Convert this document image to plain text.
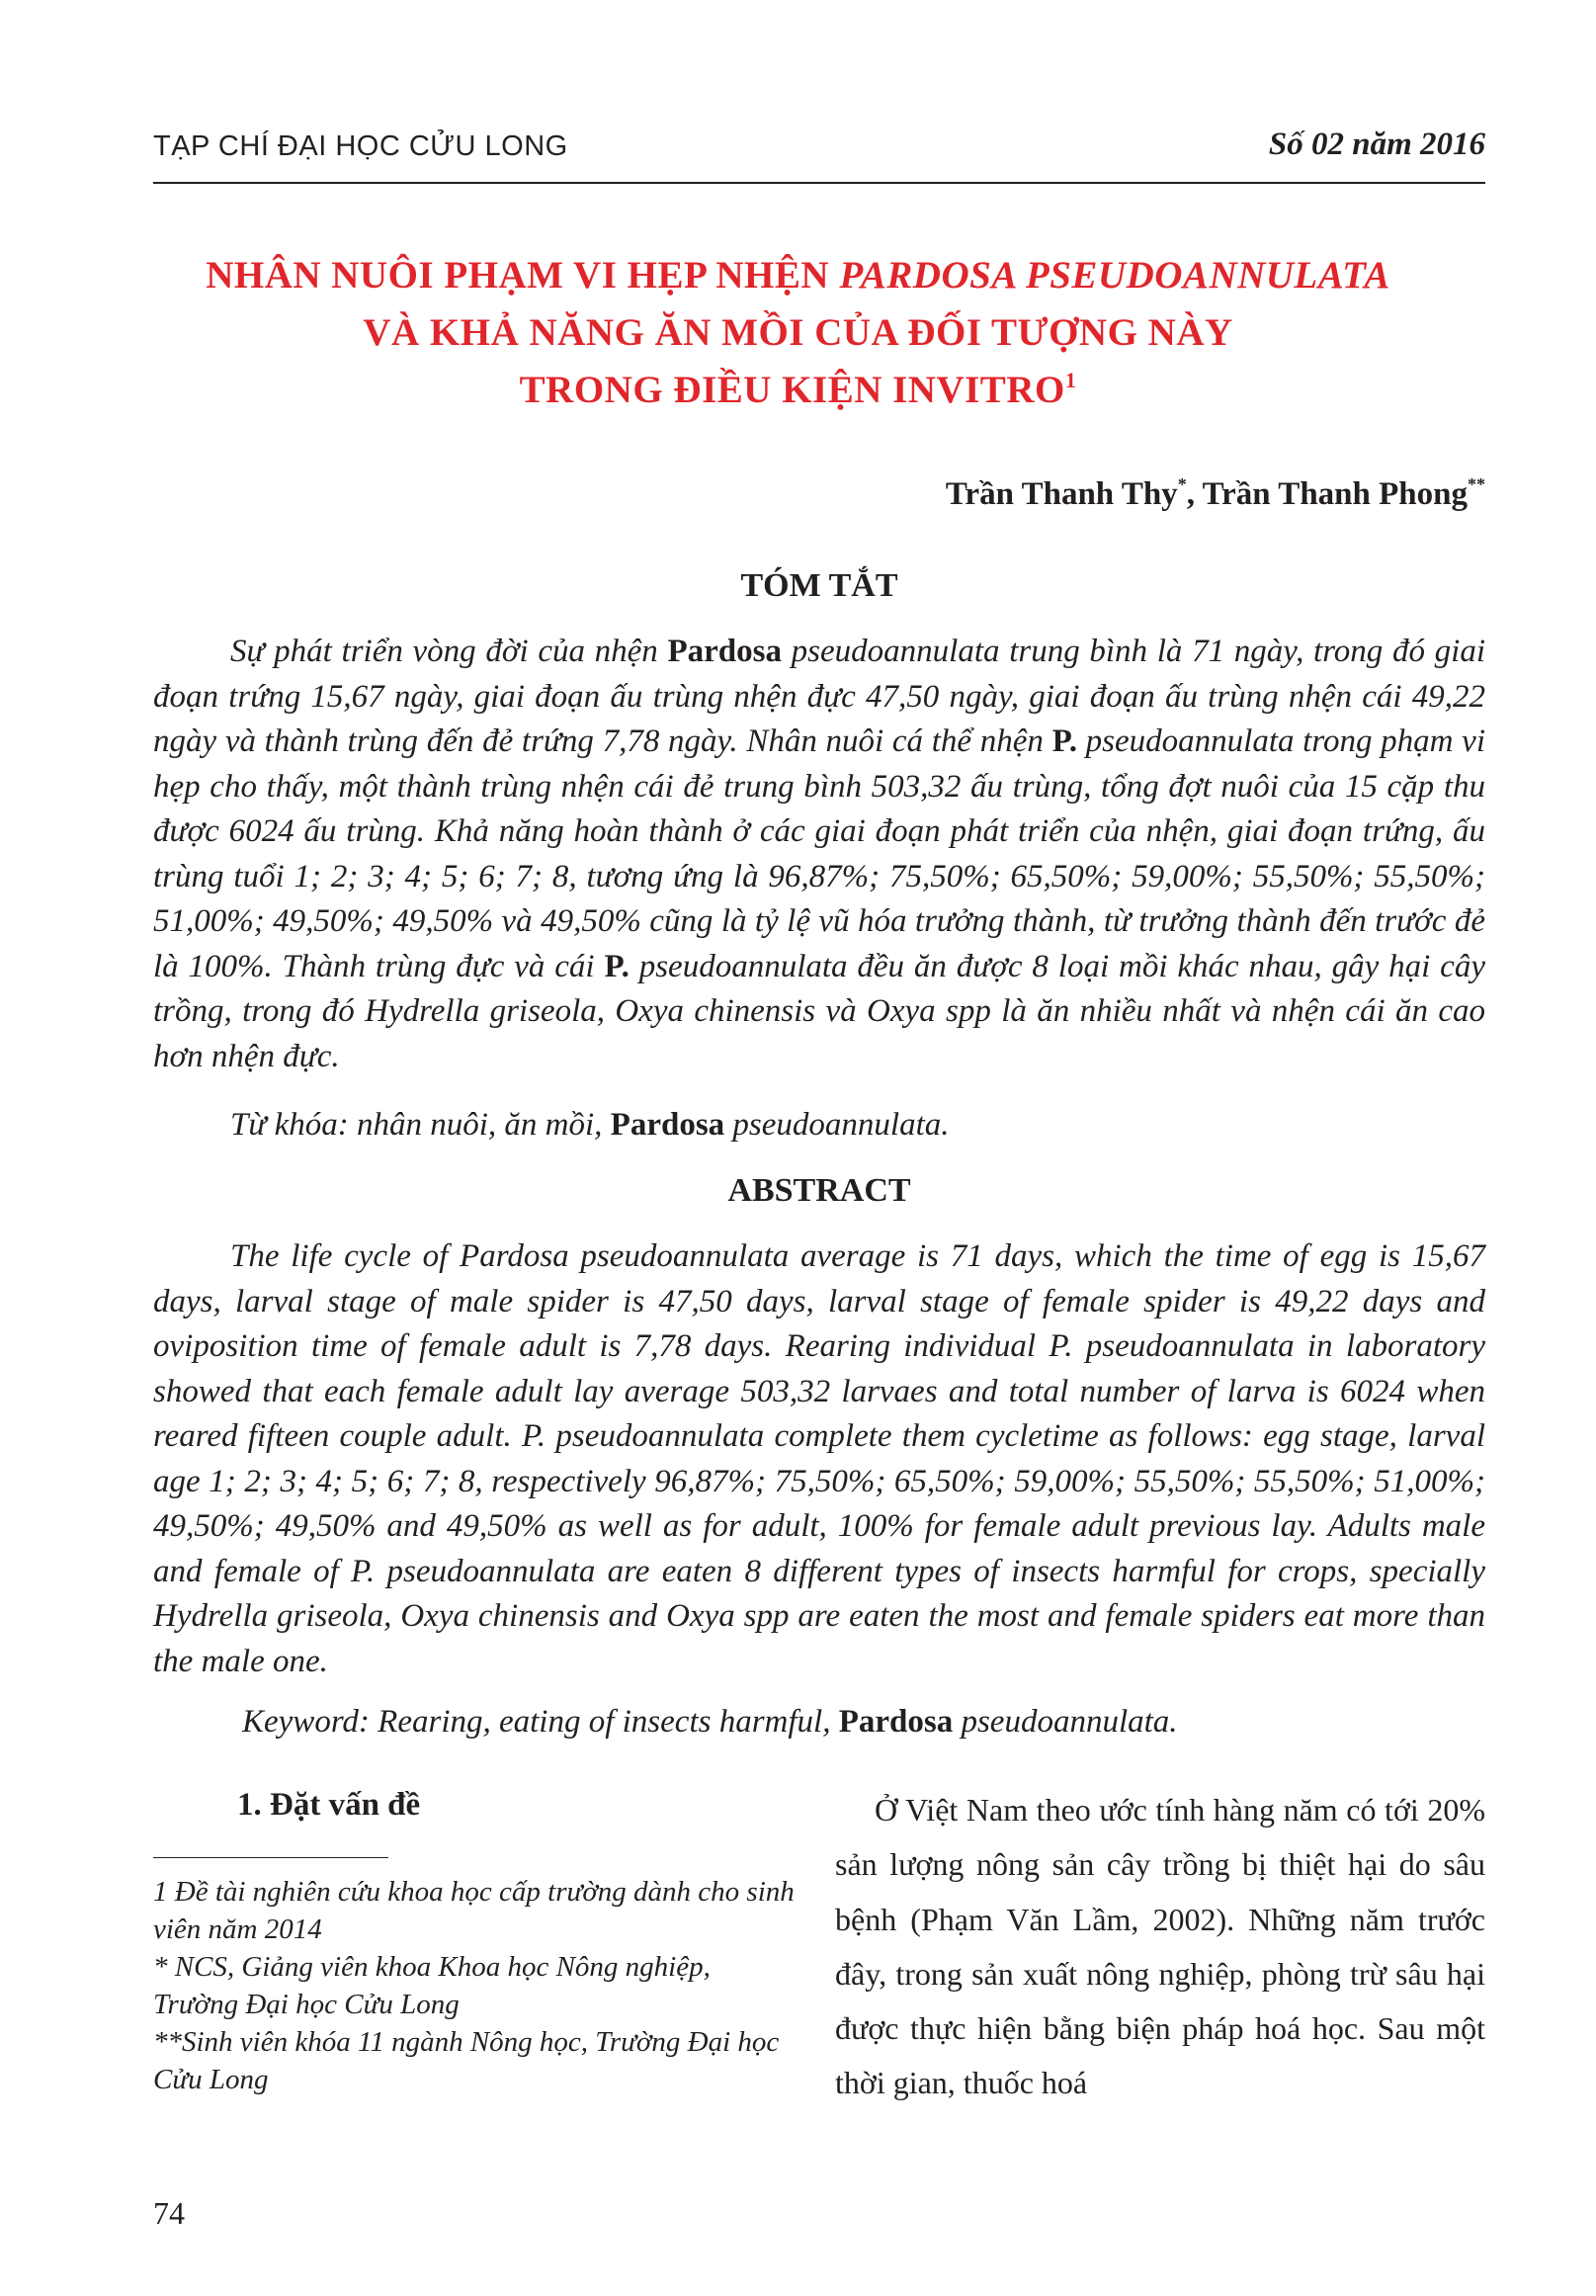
TẠP CHÍ ĐẠI HỌC CỬU LONG	Số 02 năm 2016
NHÂN NUÔI PHẠM VI HẸP NHỆN PARDOSA PSEUDOANNULATA
VÀ KHẢ NĂNG ĂN MỒI CỦA ĐỐI TƯỢNG NÀY
TRONG ĐIỀU KIỆN INVITRO$^1$
Trần Thanh Thy*, Trần Thanh Phong**
TÓM TẮT

Sự phát triển vòng đời của nhện Pardosa pseudoannulata trung bình là 71 ngày, trong đó giai đoạn trứng 15,67 ngày, giai đoạn ấu trùng nhện đực 47,50 ngày, giai đoạn ấu trùng nhện cái 49,22 ngày và thành trùng đến đẻ trứng 7,78 ngày. Nhân nuôi cá thể nhện P. pseudoannulata trong phạm vi hẹp cho thấy, một thành trùng nhện cái đẻ trung bình 503,32 ấu trùng, tổng đợt nuôi của 15 cặp thu được 6024 ấu trùng. Khả năng hoàn thành ở các giai đoạn phát triển của nhện, giai đoạn trứng, ấu trùng tuổi 1; 2; 3; 4; 5; 6; 7; 8, tương ứng là 96,87%; 75,50%; 65,50%; 59,00%; 55,50%; 55,50%; 51,00%; 49,50%; 49,50% và 49,50% cũng là tỷ lệ vũ hóa trưởng thành, từ trưởng thành đến trước đẻ là 100%. Thành trùng đực và cái P. pseudoannulata đều ăn được 8 loại mồi khác nhau, gây hại cây trồng, trong đó Hydrella griseola, Oxya chinensis và Oxya spp là ăn nhiều nhất và nhện cái ăn cao hơn nhện đực.

Từ khóa: nhân nuôi, ăn mồi, Pardosa pseudoannulata.
ABSTRACT

The life cycle of Pardosa pseudoannulata average is 71 days, which the time of egg is 15,67 days, larval stage of male spider is 47,50 days, larval stage of female spider is 49,22 days and oviposition time of female adult is 7,78 days. Rearing individual P. pseudoannulata in laboratory showed that each female adult lay average 503,32 larvaes and total number of larva is 6024 when reared fifteen couple adult. P. pseudoannulata complete them cycletime as follows: egg stage, larval age 1; 2; 3; 4; 5; 6; 7; 8, respectively 96,87%; 75,50%; 65,50%; 59,00%; 55,50%; 55,50%; 51,00%; 49,50%; 49,50% and 49,50% as well as for adult, 100% for female adult previous lay. Adults male and female of P. pseudoannulata are eaten 8 different types of insects harmful for crops, specially Hydrella griseola, Oxya chinensis and Oxya spp are eaten the most and female spiders eat more than the male one.

Keyword: Rearing, eating of insects harmful, Pardosa pseudoannulata.
1. Đặt vấn đề

1 Đề tài nghiên cứu khoa học cấp trường dành cho sinh viên năm 2014

* NCS, Giảng viên khoa Khoa học Nông nghiệp, Trường Đại học Cửu Long

**Sinh viên khóa 11 ngành Nông học, Trường Đại học Cửu Long

Ở Việt Nam theo ước tính hàng năm có tới 20% sản lượng nông sản cây trồng bị thiệt hại do sâu bệnh (Phạm Văn Lầm, 2002). Những năm trước đây, trong sản xuất nông nghiệp, phòng trừ sâu hại được thực hiện bằng biện pháp hoá học. Sau một thời gian, thuốc hoá

74
